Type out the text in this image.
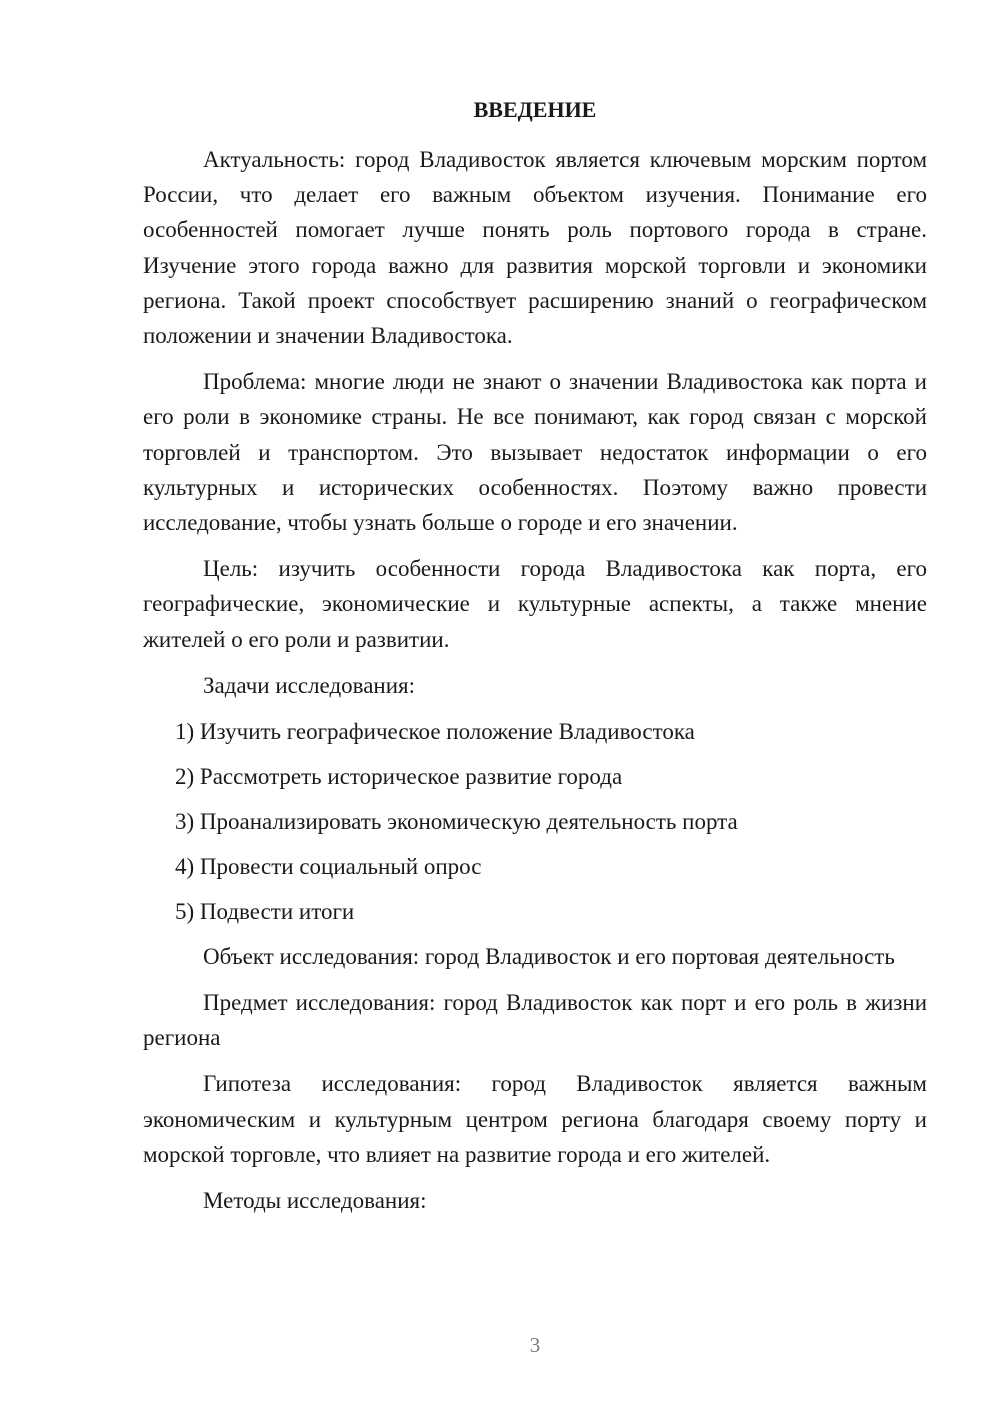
ВВЕДЕНИЕ

Актуальность: город Владивосток является ключевым морским портом России, что делает его важным объектом изучения. Понимание его особенностей помогает лучше понять роль портового города в стране. Изучение этого города важно для развития морской торговли и экономики региона. Такой проект способствует расширению знаний о географическом положении и значении Владивостока.

Проблема: многие люди не знают о значении Владивостока как порта и его роли в экономике страны. Не все понимают, как город связан с морской торговлей и транспортом. Это вызывает недостаток информации о его культурных и исторических особенностях. Поэтому важно провести исследование, чтобы узнать больше о городе и его значении.

Цель: изучить особенности города Владивостока как порта, его географические, экономические и культурные аспекты, а также мнение жителей о его роли и развитии.

Задачи исследования:

1) Изучить географическое положение Владивостока
2) Рассмотреть историческое развитие города
3) Проанализировать экономическую деятельность порта
4) Провести социальный опрос
5) Подвести итоги

Объект исследования: город Владивосток и его портовая деятельность

Предмет исследования: город Владивосток как порт и его роль в жизни региона

Гипотеза исследования: город Владивосток является важным экономическим и культурным центром региона благодаря своему порту и морской торговле, что влияет на развитие города и его жителей.

Методы исследования:

3
